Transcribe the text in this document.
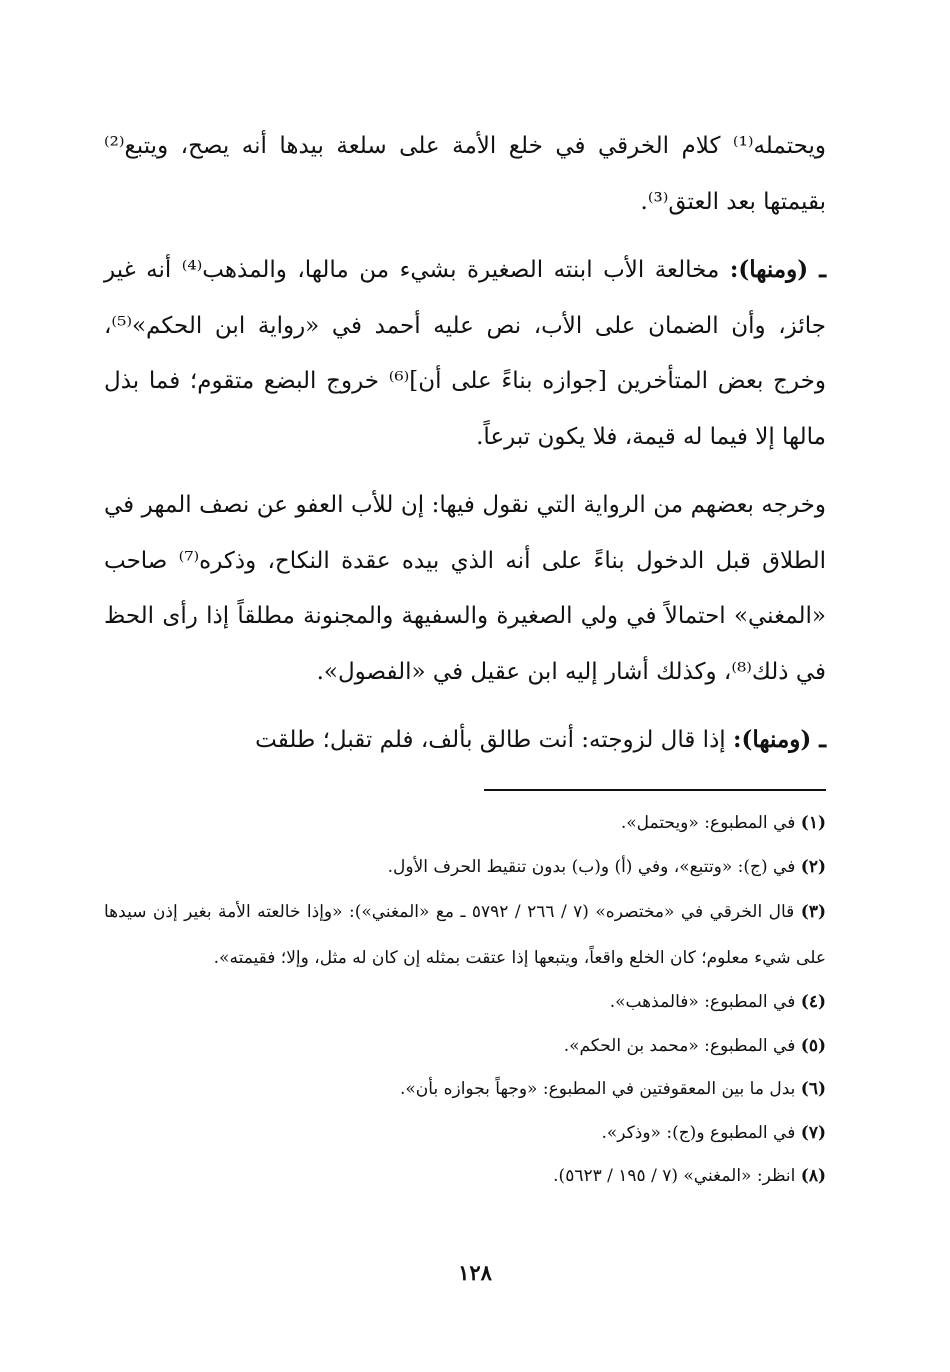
ويحتمله⁽¹⁾ كلام الخرقي في خلع الأمة على سلعة بيدها أنه يصح، ويتبع⁽²⁾ بقيمتها بعد العتق⁽³⁾.

ـ (ومنها): مخالعة الأب ابنته الصغيرة بشيء من مالها، والمذهب⁽⁴⁾ أنه غير جائز، وأن الضمان على الأب، نص عليه أحمد في «رواية ابن الحكم»⁽⁵⁾، وخرج بعض المتأخرين [جوازه بناءً على أن]⁽⁶⁾ خروج البضع متقوم؛ فما بذل مالها إلا فيما له قيمة، فلا يكون تبرعاً.

وخرجه بعضهم من الرواية التي نقول فيها: إن للأب العفو عن نصف المهر في الطلاق قبل الدخول بناءً على أنه الذي بيده عقدة النكاح، وذكره⁽⁷⁾ صاحب «المغني» احتمالاً في ولي الصغيرة والسفيهة والمجنونة مطلقاً إذا رأى الحظ في ذلك⁽⁸⁾، وكذلك أشار إليه ابن عقيل في «الفصول».

ـ (ومنها): إذا قال لزوجته: أنت طالق بألف، فلم تقبل؛ طلقت

(١) في المطبوع: «ويحتمل».

(٢) في (ج): «وتتبع»، وفي (أ) و(ب) بدون تنقيط الحرف الأول.

(٣) قال الخرقي في «مختصره» (٧ / ٢٦٦ / ٥٧٩٢ ـ مع «المغني»): «وإذا خالعته الأمة بغير إذن سيدها على شيء معلوم؛ كان الخلع واقعاً، ويتبعها إذا عتقت بمثله إن كان له مثل، وإلا؛ فقيمته».

(٤) في المطبوع: «فالمذهب».

(٥) في المطبوع: «محمد بن الحكم».

(٦) بدل ما بين المعقوفتين في المطبوع: «وجهاً بجوازه بأن».

(٧) في المطبوع و(ج): «وذكر».

(٨) انظر: «المغني» (٧ / ١٩٥ / ٥٦٢٣).

١٢٨
